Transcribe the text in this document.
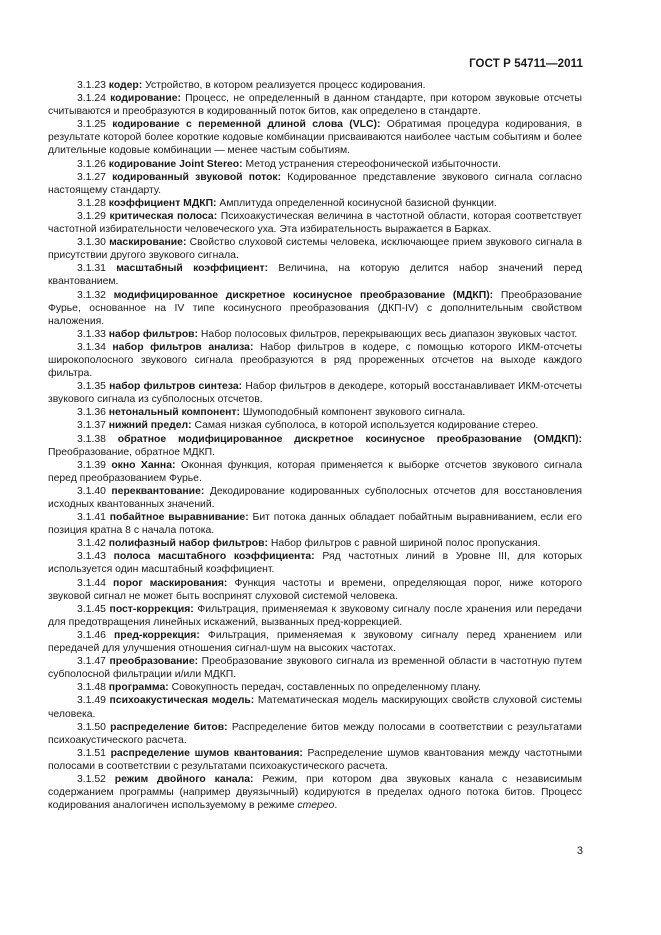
ГОСТ Р 54711—2011

3.1.23 кодер: Устройство, в котором реализуется процесс кодирования.

3.1.24 кодирование: Процесс, не определенный в данном стандарте, при котором звуковые отсчеты считываются и преобразуются в кодированный поток битов, как определено в стандарте.

3.1.25 кодирование с переменной длиной слова (VLC): Обратимая процедура кодирования, в результате которой более короткие кодовые комбинации присваиваются наиболее частым событиям и более длительные кодовые комбинации — менее частым событиям.

3.1.26 кодирование Joint Stereo: Метод устранения стереофонической избыточности.

3.1.27 кодированный звуковой поток: Кодированное представление звукового сигнала согласно настоящему стандарту.

3.1.28 коэффициент МДКП: Амплитуда определенной косинусной базисной функции.

3.1.29 критическая полоса: Психоакустическая величина в частотной области, которая соответствует частотной избирательности человеческого уха. Эта избирательность выражается в Барках.

3.1.30 маскирование: Свойство слуховой системы человека, исключающее прием звукового сигнала в присутствии другого звукового сигнала.

3.1.31 масштабный коэффициент: Величина, на которую делится набор значений перед квантованием.

3.1.32 модифицированное дискретное косинусное преобразование (МДКП): Преобразование Фурье, основанное на IV типе косинусного преобразования (ДКП-IV) с дополнительным свойством наложения.

3.1.33 набор фильтров: Набор полосовых фильтров, перекрывающих весь диапазон звуковых частот.

3.1.34 набор фильтров анализа: Набор фильтров в кодере, с помощью которого ИКМ-отсчеты широкополосного звукового сигнала преобразуются в ряд прореженных отсчетов на выходе каждого фильтра.

3.1.35 набор фильтров синтеза: Набор фильтров в декодере, который восстанавливает ИКМ-отсчеты звукового сигнала из субполосных отсчетов.

3.1.36 нетональный компонент: Шумоподобный компонент звукового сигнала.

3.1.37 нижний предел: Самая низкая субполоса, в которой используется кодирование стерео.

3.1.38 обратное модифицированное дискретное косинусное преобразование (ОМДКП): Преобразование, обратное МДКП.

3.1.39 окно Ханна: Оконная функция, которая применяется к выборке отсчетов звукового сигнала перед преобразованием Фурье.

3.1.40 переквантование: Декодирование кодированных субполосных отсчетов для восстановления исходных квантованных значений.

3.1.41 побайтное выравнивание: Бит потока данных обладает побайтным выравниванием, если его позиция кратна 8 с начала потока.

3.1.42 полифазный набор фильтров: Набор фильтров с равной шириной полос пропускания.

3.1.43 полоса масштабного коэффициента: Ряд частотных линий в Уровне III, для которых используется один масштабный коэффициент.

3.1.44 порог маскирования: Функция частоты и времени, определяющая порог, ниже которого звуковой сигнал не может быть воспринят слуховой системой человека.

3.1.45 пост-коррекция: Фильтрация, применяемая к звуковому сигналу после хранения или передачи для предотвращения линейных искажений, вызванных пред-коррекцией.

3.1.46 пред-коррекция: Фильтрация, применяемая к звуковому сигналу перед хранением или передачей для улучшения отношения сигнал-шум на высоких частотах.

3.1.47 преобразование: Преобразование звукового сигнала из временной области в частотную путем субполосной фильтрации и/или МДКП.

3.1.48 программа: Совокупность передач, составленных по определенному плану.

3.1.49 психоакустическая модель: Математическая модель маскирующих свойств слуховой системы человека.

3.1.50 распределение битов: Распределение битов между полосами в соответствии с результатами психоакустического расчета.

3.1.51 распределение шумов квантования: Распределение шумов квантования между частотными полосами в соответствии с результатами психоакустического расчета.

3.1.52 режим двойного канала: Режим, при котором два звуковых канала с независимым содержанием программы (например двуязычный) кодируются в пределах одного потока битов. Процесс кодирования аналогичен используемому в режиме стерео.

3
